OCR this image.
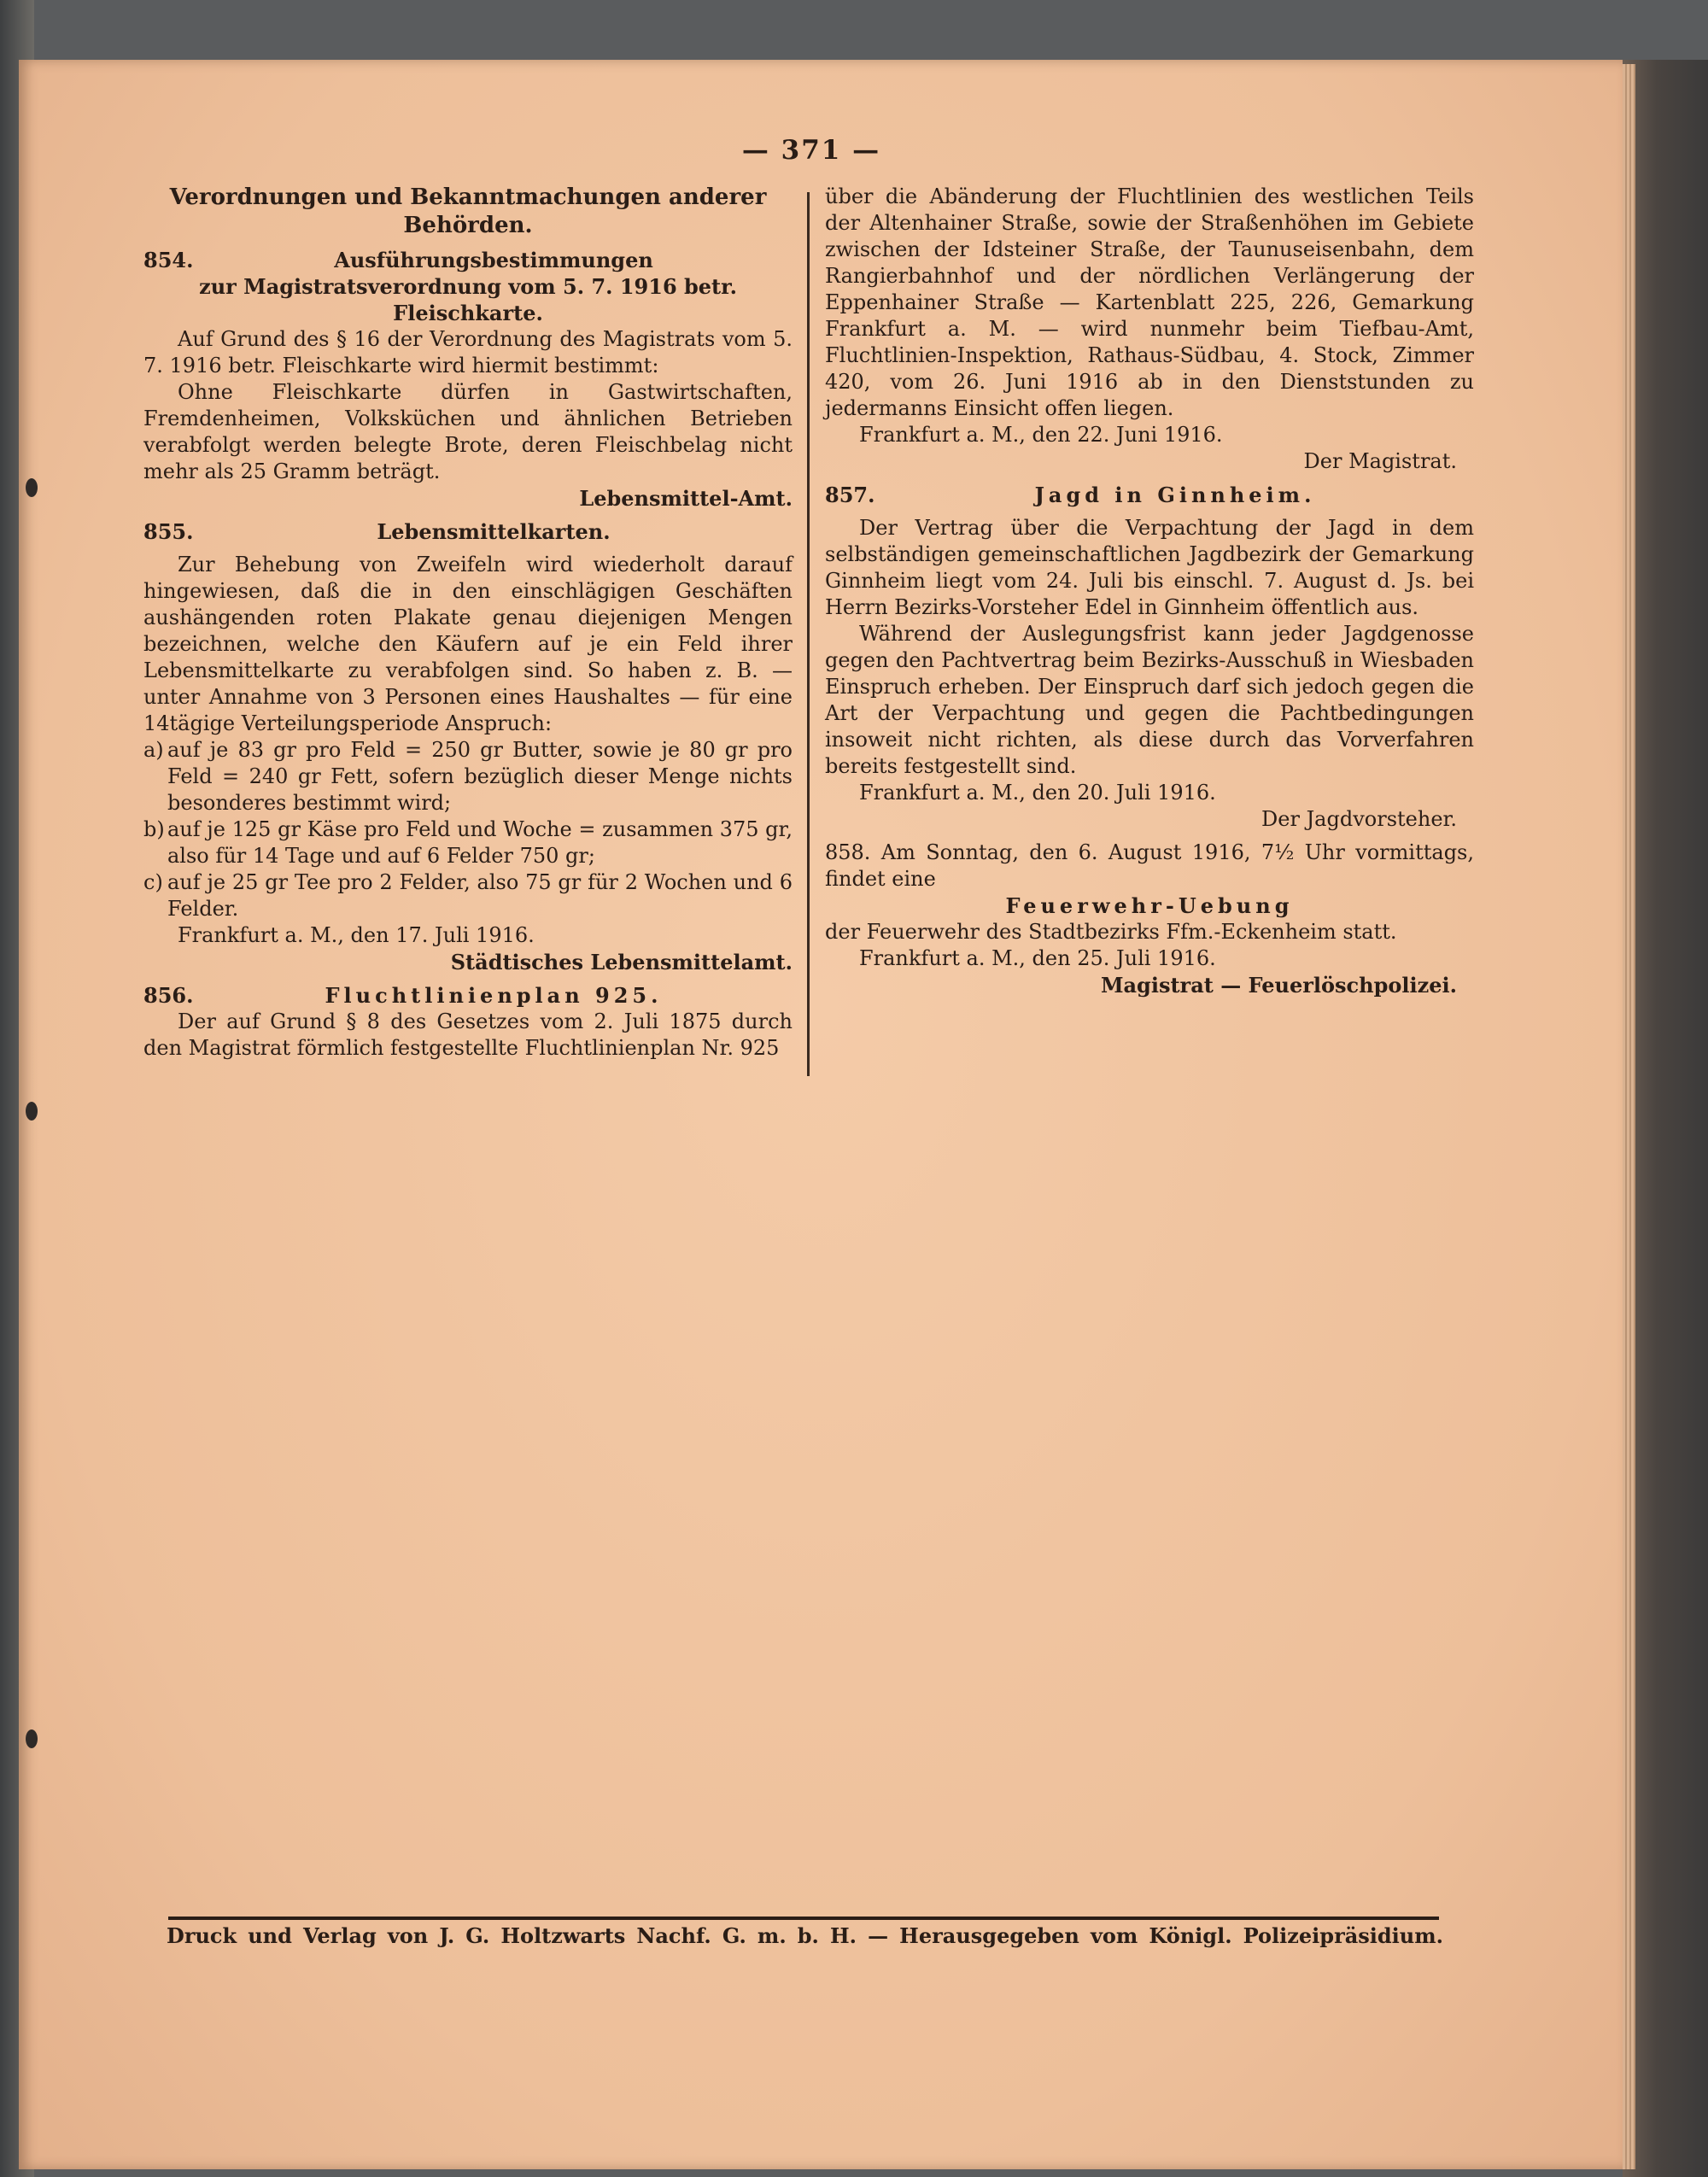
— 371 —

Verordnungen und Bekanntmachungen anderer Behörden.

854.	Ausführungsbestimmungen

zur Magistratsverordnung vom 5. 7. 1916 betr. Fleischkarte.

Auf Grund des § 16 der Verordnung des Magistrats vom 5. 7. 1916 betr. Fleischkarte wird hiermit bestimmt:

Ohne Fleischkarte dürfen in Gastwirtschaften, Fremdenheimen, Volksküchen und ähnlichen Betrieben verabfolgt werden belegte Brote, deren Fleischbelag nicht mehr als 25 Gramm beträgt.

Lebensmittel-Amt.

855.	Lebensmittelkarten.

Zur Behebung von Zweifeln wird wiederholt darauf hingewiesen, daß die in den einschlägigen Geschäften aushängenden roten Plakate genau diejenigen Mengen bezeichnen, welche den Käufern auf je ein Feld ihrer Lebensmittelkarte zu verabfolgen sind. So haben z. B. — unter Annahme von 3 Personen eines Haushaltes — für eine 14tägige Verteilungsperiode Anspruch:

a) auf je 83 gr pro Feld = 250 gr Butter, sowie je 80 gr pro Feld = 240 gr Fett, sofern bezüglich dieser Menge nichts besonderes bestimmt wird;
b) auf je 125 gr Käse pro Feld und Woche = zusammen 375 gr, also für 14 Tage und auf 6 Felder 750 gr;
c) auf je 25 gr Tee pro 2 Felder, also 75 gr für 2 Wochen und 6 Felder.

Frankfurt a. M., den 17. Juli 1916.

Städtisches Lebensmittelamt.

856.	Fluchtlinienplan 925.

Der auf Grund § 8 des Gesetzes vom 2. Juli 1875 durch den Magistrat förmlich festgestellte Fluchtlinienplan Nr. 925

über die Abänderung der Fluchtlinien des westlichen Teils der Altenhainer Straße, sowie der Straßenhöhen im Gebiete zwischen der Idsteiner Straße, der Taunuseisenbahn, dem Rangierbahnhof und der nördlichen Verlängerung der Eppenhainer Straße — Kartenblatt 225, 226, Gemarkung Frankfurt a. M. — wird nunmehr beim Tiefbau-Amt, Fluchtlinien-Inspektion, Rathaus-Südbau, 4. Stock, Zimmer 420, vom 26. Juni 1916 ab in den Dienststunden zu jedermanns Einsicht offen liegen.

Frankfurt a. M., den 22. Juni 1916.

Der Magistrat.

857.	Jagd in Ginnheim.

Der Vertrag über die Verpachtung der Jagd in dem selbständigen gemeinschaftlichen Jagdbezirk der Gemarkung Ginnheim liegt vom 24. Juli bis einschl. 7. August d. Js. bei Herrn Bezirks-Vorsteher Edel in Ginnheim öffentlich aus.

Während der Auslegungsfrist kann jeder Jagdgenosse gegen den Pachtvertrag beim Bezirks-Ausschuß in Wiesbaden Einspruch erheben. Der Einspruch darf sich jedoch gegen die Art der Verpachtung und gegen die Pachtbedingungen insoweit nicht richten, als diese durch das Vorverfahren bereits festgestellt sind.

Frankfurt a. M., den 20. Juli 1916.

Der Jagdvorsteher.

858. Am Sonntag, den 6. August 1916, 7½ Uhr vormittags, findet eine

Feuerwehr-Uebung

der Feuerwehr des Stadtbezirks Ffm.-Eckenheim statt.

Frankfurt a. M., den 25. Juli 1916.

Magistrat — Feuerlöschpolizei.

Druck und Verlag von J. G. Holtzwarts Nachf. G. m. b. H. — Herausgegeben vom Königl. Polizeipräsidium.
